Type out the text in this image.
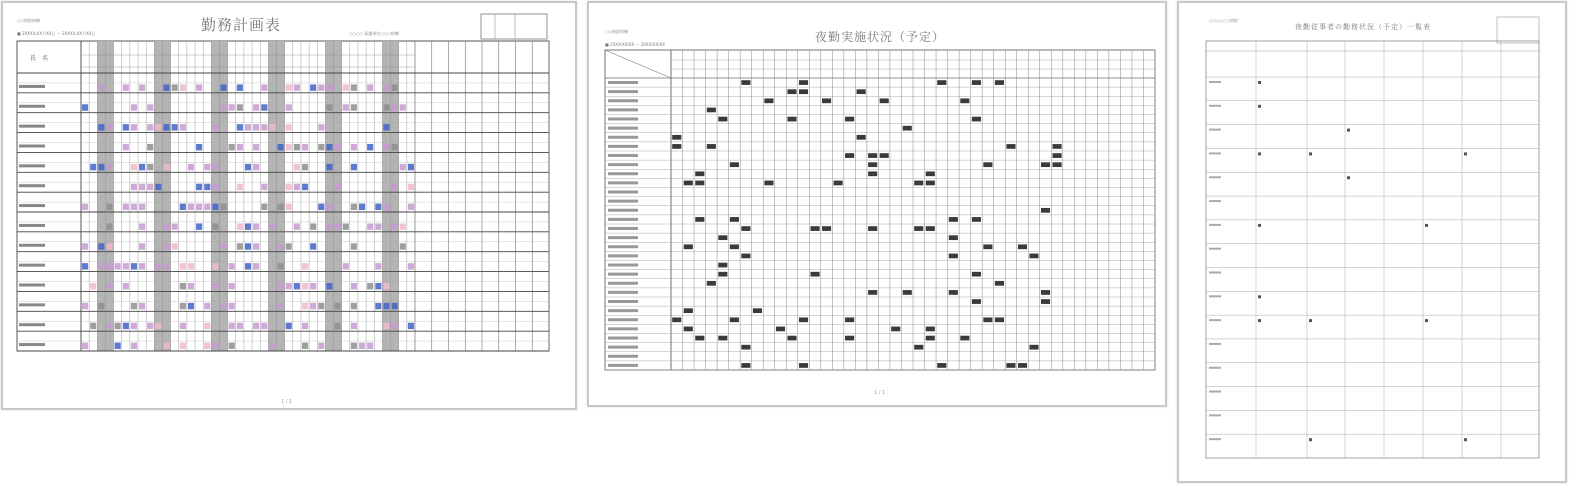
○○病院病棟
■ 20XX年XX月XX日 ～ 20XX年XX月XX日	勤務計画表	○○○○ 看護単位○○○病棟
氏　名
1 / 1
○○病院病棟
■ 20XX/XX/XX ～ 20XX/XX/XX
夜勤実施状況（予定）
1 / 1
○○○○○○病院
夜勤従事者の勤務状況（予定）一覧表
